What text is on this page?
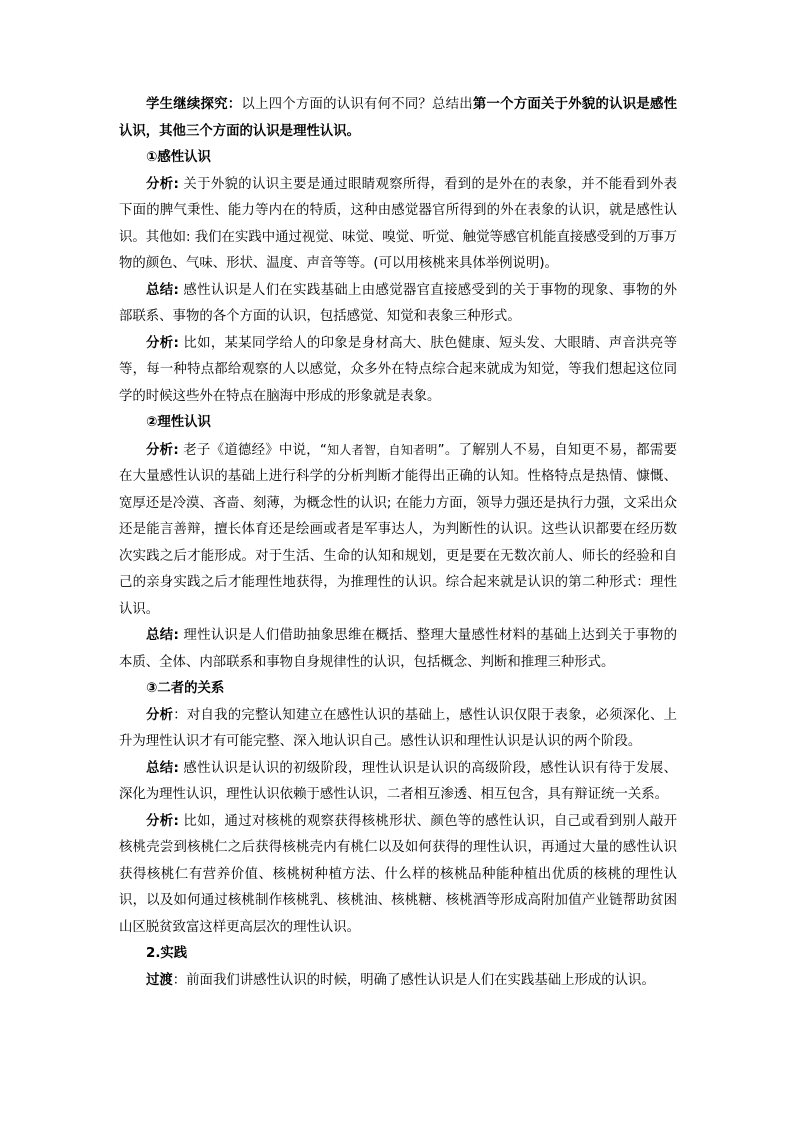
学生继续探究：以上四个方面的认识有何不同？总结出第一个方面关于外貌的认识是感性认识，其他三个方面的认识是理性认识。

①感性认识

分析: 关于外貌的认识主要是通过眼睛观察所得，看到的是外在的表象，并不能看到外表下面的脾气秉性、能力等内在的特质，这种由感觉器官所得到的外在表象的认识，就是感性认识。其他如: 我们在实践中通过视觉、味觉、嗅觉、听觉、触觉等感官机能直接感受到的万事万物的颜色、气味、形状、温度、声音等等。(可以用核桃来具体举例说明)。

总结: 感性认识是人们在实践基础上由感觉器官直接感受到的关于事物的现象、事物的外部联系、事物的各个方面的认识，包括感觉、知觉和表象三种形式。

分析: 比如，某某同学给人的印象是身材高大、肤色健康、短头发、大眼睛、声音洪亮等等，每一种特点都给观察的人以感觉，众多外在特点综合起来就成为知觉，等我们想起这位同学的时候这些外在特点在脑海中形成的形象就是表象。

②理性认识

分析: 老子《道德经》中说，“知人者智，自知者明”。了解别人不易，自知更不易，都需要在大量感性认识的基础上进行科学的分析判断才能得出正确的认知。性格特点是热情、慷慨、宽厚还是冷漠、吝啬、刻薄，为概念性的认识; 在能力方面，领导力强还是执行力强，文采出众还是能言善辩，擅长体育还是绘画或者是军事达人，为判断性的认识。这些认识都要在经历数次实践之后才能形成。对于生活、生命的认知和规划，更是要在无数次前人、师长的经验和自己的亲身实践之后才能理性地获得，为推理性的认识。综合起来就是认识的第二种形式：理性认识。

总结: 理性认识是人们借助抽象思维在概括、整理大量感性材料的基础上达到关于事物的本质、全体、内部联系和事物自身规律性的认识，包括概念、判断和推理三种形式。

③二者的关系

分析：对自我的完整认知建立在感性认识的基础上，感性认识仅限于表象，必须深化、上升为理性认识才有可能完整、深入地认识自己。感性认识和理性认识是认识的两个阶段。

总结: 感性认识是认识的初级阶段，理性认识是认识的高级阶段，感性认识有待于发展、深化为理性认识，理性认识依赖于感性认识，二者相互渗透、相互包含，具有辩证统一关系。

分析: 比如，通过对核桃的观察获得核桃形状、颜色等的感性认识，自己或看到别人敲开核桃壳尝到核桃仁之后获得核桃壳内有桃仁以及如何获得的理性认识，再通过大量的感性认识获得核桃仁有营养价值、核桃树种植方法、什么样的核桃品种能种植出优质的核桃的理性认识，以及如何通过核桃制作核桃乳、核桃油、核桃糖、核桃酒等形成高附加值产业链帮助贫困山区脱贫致富这样更高层次的理性认识。

2.实践

过渡：前面我们讲感性认识的时候，明确了感性认识是人们在实践基础上形成的认识。
